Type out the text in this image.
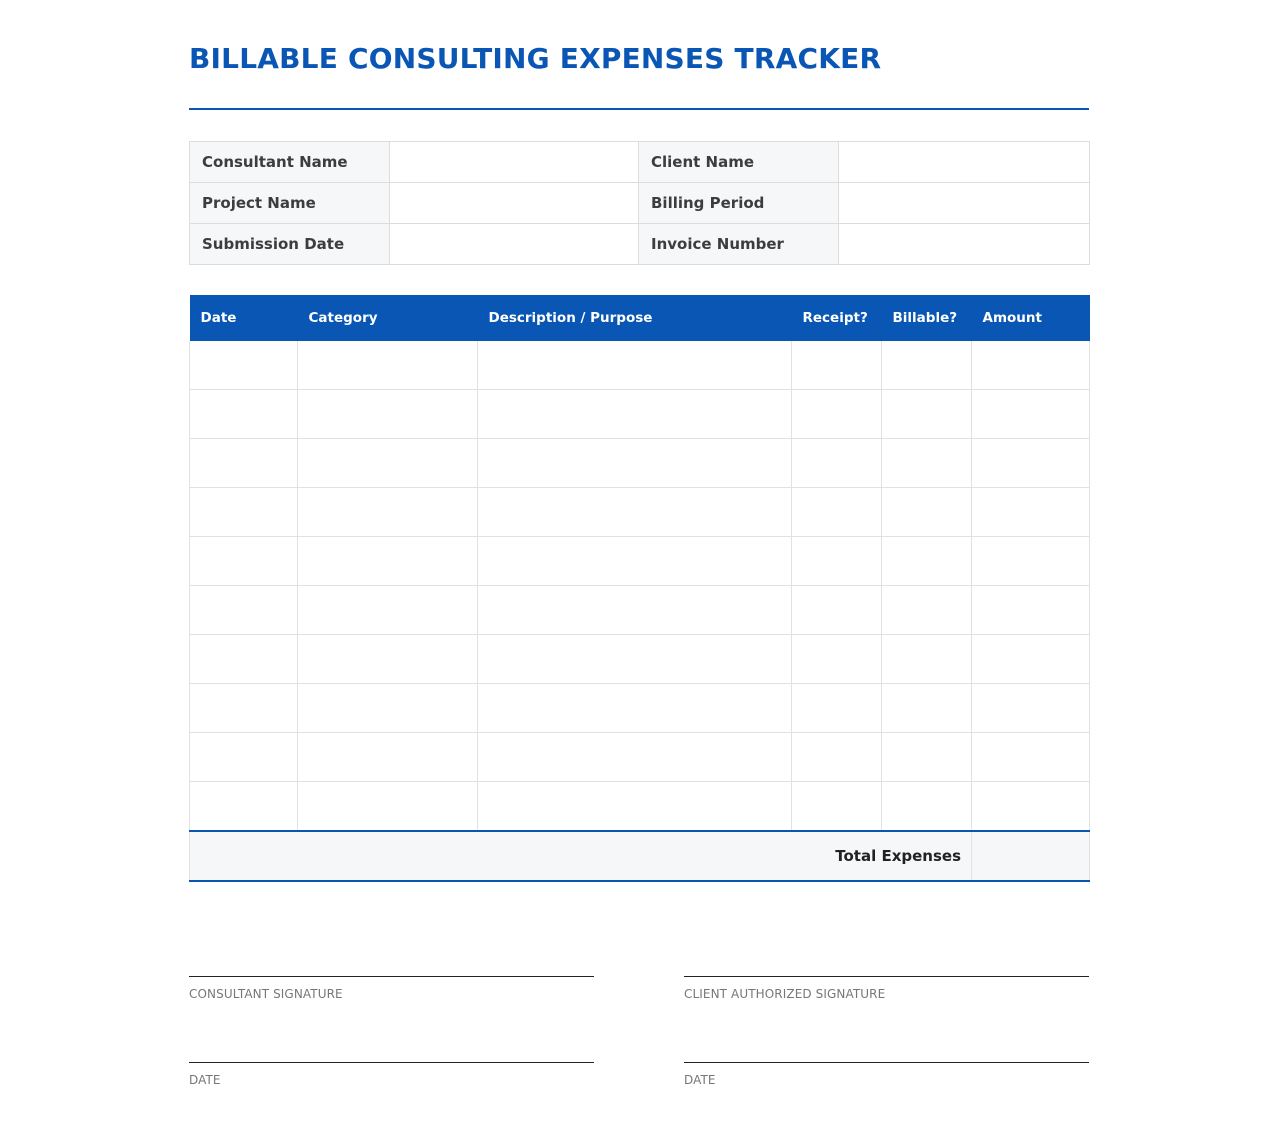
BILLABLE CONSULTING EXPENSES TRACKER
Consultant Name		Client Name	
Project Name		Billing Period	
Submission Date		Invoice Number	
Date	Category	Description / Purpose	Receipt?	Billable?	Amount

Total Expenses					
CONSULTANT SIGNATURE	CLIENT AUTHORIZED SIGNATURE
DATE	DATE
